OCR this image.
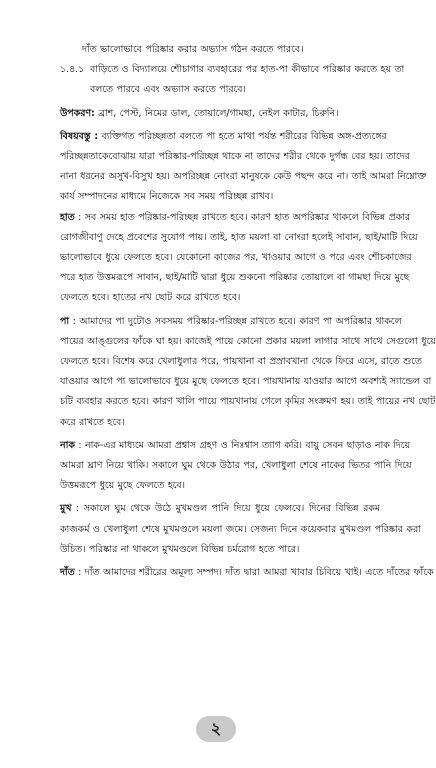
দাঁত ভালোভাবে পরিষ্কার করার অভ্যাস গঠন করতে পারবে।

১.৪.১ বাড়িতে ও বিদ্যালয়ে শৌচাগার ব্যবহারের পর হাত-পা কীভাবে পরিষ্কার করতে হয় তা

বলতে পারবে এবং অভ্যাস করতে পারবে।

উপকরণ: ব্রাশ, পেস্ট, নিমের ডাল, তোয়ালে/গামছা, নেইল কাটার, চিরুনি।

বিষয়বস্তু : ব্যক্তিগত পরিচ্ছন্নতা বলতে পা হতে মাথা পর্যন্ত শরীরের বিভিন্ন অঙ্গ-প্রত্যঙ্গের

পরিচ্ছন্নতাকেবোঝায় যারা পরিষ্কার-পরিচ্ছন্ন থাকে না তাদের শরীর থেকে দুর্গন্ধ বের হয়। তাদের

নানা ধরনের অসুখ-বিসুখ হয়। অপরিচ্ছন্ন নোংরা মানুষকে কেউ পছন্দ করে না। তাই আমরা নিম্নোক্ত

কার্য সম্পাদনের মাধ্যমে নিজেকে সব সময় পরিচ্ছন্ন রাখব।

হাত : সব সময় হাত পরিষ্কার-পরিচ্ছন্ন রাখতে হবে। কারণ হাত অপরিষ্কার থাকলে বিভিন্ন প্রকার

রোগজীবাণু দেহে প্রবেশের সুযোগ পায়। তাই, হাত ময়লা বা নোংরা হলেই সাবান, ছাই/মাটি দিয়ে

ভালোভাবে ধুয়ে ফেলতে হবে। যেকোনো কাজের পর, খাওয়ার আগে ও পরে এবং শৌচকাজের

পরে হাত উত্তমরূপে সাবান, ছাই/মাটি দ্বারা ধুয়ে শুকনো পরিষ্কার তোয়ালে বা গামছা দিয়ে মুছে

ফেলতে হবে। হাতের নখ ছোট করে রাখতে হবে।

পা : আমাদের পা দুটোও সবসময় পরিষ্কার-পরিচ্ছন্ন রাখতে হবে। কারণ পা অপরিষ্কার থাকলে

পায়ের আঙ্গুলের ফাঁকে ঘা হয়। কাজেই পায়ে কোনো প্রকার ময়লা লাগার সাথে সাথে সেগুলো ধুয়ে

ফেলতে হবে। বিশেষ করে খেলাধুলার পরে, পায়খানা বা প্রস্রাবখানা থেকে ফিরে এসে, রাতে শুতে

যাওয়ার আগে পা ভালোভাবে ধুয়ে মুছে ফেলতে হবে। পায়খানায় যাওয়ার আগে অবশ্যই স্যান্ডেল বা

চটি ব্যবহার করতে হবে। কারণ খালি পায়ে পায়খানায় গেলে কৃমির সংক্রমণ হয়। তাই পায়ের নখ ছোট

করে রাখতে হবে।

নাক : নাক-এর মাধ্যমে আমরা প্রশ্বাস গ্রহণ ও নিঃশ্বাস ত্যাগ করি। বায়ু সেবন ছাড়াও নাক দিয়ে

আমরা ঘ্রাণ নিয়ে থাকি। সকালে ঘুম থেকে উঠার পর, খেলাধুলা শেষে নাকের ভিতর পানি দিয়ে

উত্তমরূপে ধুয়ে মুছে ফেলতে হবে।

মুখ : সকালে ঘুম থেকে উঠে মুখমণ্ডল পানি দিয়ে ধুয়ে ফেলবে। দিনের বিভিন্ন রকম

কাজকর্ম ও খেলাধুলা শেষে মুখমণ্ডলে ময়লা জমে। সেজন্য দিনে কয়েকবার মুখমণ্ডল পরিষ্কার করা

উচিত। পরিষ্কার না থাকলে মুখমণ্ডলে বিভিন্ন চর্মরোগ হতে পারে।

দাঁত : দাঁত আমাদের শরীরের অমূল্য সম্পদ। দাঁত দ্বারা আমরা খাবার চিবিয়ে খাই। এতে দাঁতের ফাঁকে

২
